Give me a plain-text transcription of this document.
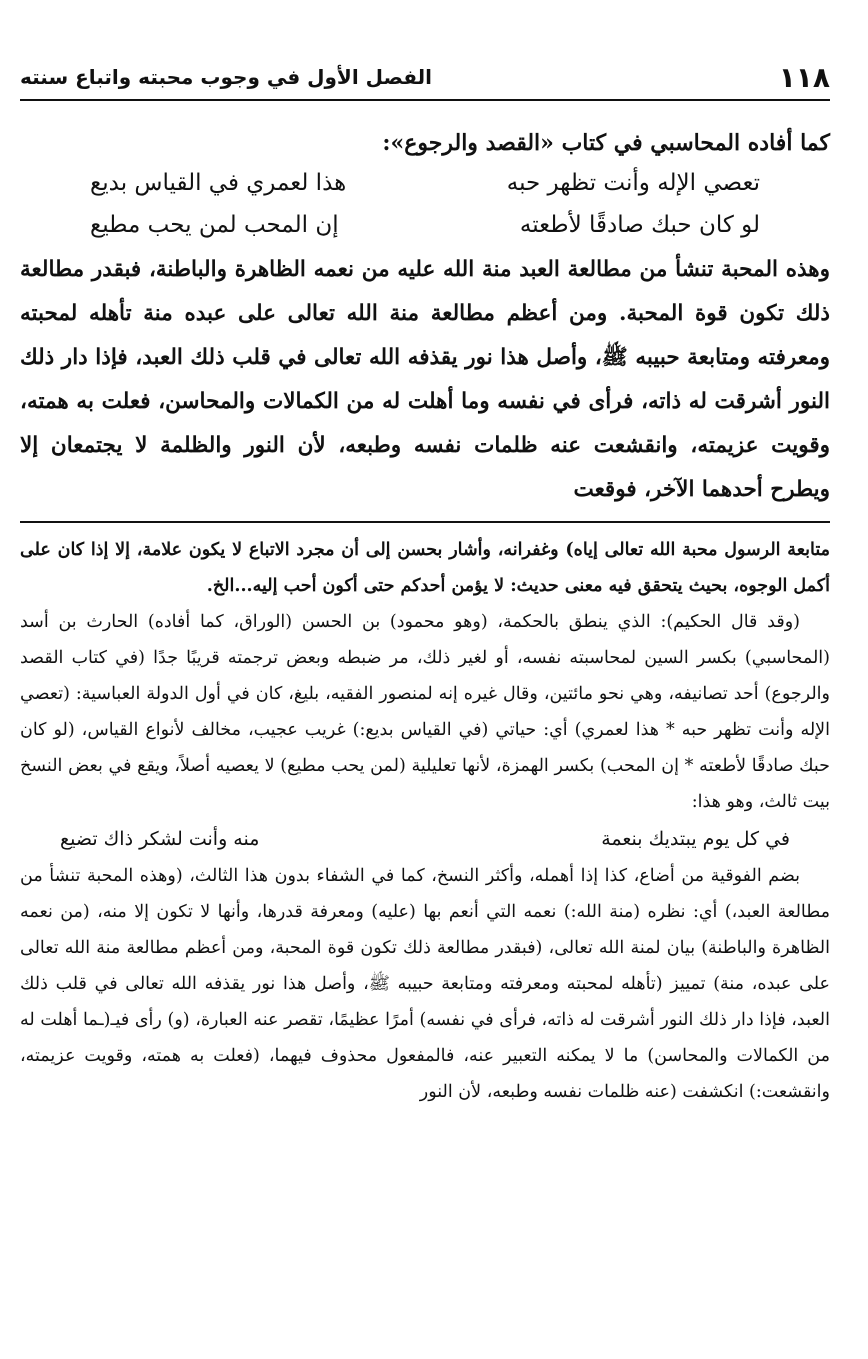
١١٨
الفصل الأول في وجوب محبته واتباع سنته

كما أفاده المحاسبي في كتاب «القصد والرجوع»:

تعصي الإله وأنت تظهر حبه
هذا لعمري في القياس بديع
لو كان حبك صادقًا لأطعته
إن المحب لمن يحب مطيع

وهذه المحبة تنشأ من مطالعة العبد منة الله عليه من نعمه الظاهرة والباطنة، فبقدر مطالعة ذلك تكون قوة المحبة. ومن أعظم مطالعة منة الله تعالى على عبده منة تأهله لمحبته ومعرفته ومتابعة حبيبه ﷺ، وأصل هذا نور يقذفه الله تعالى في قلب ذلك العبد، فإذا دار ذلك النور أشرقت له ذاته، فرأى في نفسه وما أهلت له من الكمالات والمحاسن، فعلت به همته، وقويت عزيمته، وانقشعت عنه ظلمات نفسه وطبعه، لأن النور والظلمة لا يجتمعان إلا ويطرح أحدهما الآخر، فوقعت

متابعة الرسول محبة الله تعالى إياه) وغفرانه، وأشار بحسن إلى أن مجرد الاتباع لا يكون علامة، إلا إذا كان على أكمل الوجوه، بحيث يتحقق فيه معنى حديث: لا يؤمن أحدكم حتى أكون أحب إليه...الخ.

(وقد قال الحكيم): الذي ينطق بالحكمة، (وهو محمود) بن الحسن (الوراق، كما أفاده) الحارث بن أسد (المحاسبي) بكسر السين لمحاسبته نفسه، أو لغير ذلك، مر ضبطه وبعض ترجمته قريبًا جدًا (في كتاب القصد والرجوع) أحد تصانيفه، وهي نحو مائتين، وقال غيره إنه لمنصور الفقيه، بليغ، كان في أول الدولة العباسية: (تعصي الإله وأنت تظهر حبه * هذا لعمري) أي: حياتي (في القياس بديع:) غريب عجيب، مخالف لأنواع القياس، (لو كان حبك صادقًا لأطعته * إن المحب) بكسر الهمزة، لأنها تعليلية (لمن يحب مطيع) لا يعصيه أصلاً، ويقع في بعض النسخ بيت ثالث، وهو هذا:

في كل يوم يبتديك بنعمة
منه وأنت لشكر ذاك تضيع

بضم الفوقية من أضاع، كذا إذا أهمله، وأكثر النسخ، كما في الشفاء بدون هذا الثالث، (وهذه المحبة تنشأ من مطالعة العبد،) أي: نظره (منة الله:) نعمه التي أنعم بها (عليه) ومعرفة قدرها، وأنها لا تكون إلا منه، (من نعمه الظاهرة والباطنة) بيان لمنة الله تعالى، (فبقدر مطالعة ذلك تكون قوة المحبة، ومن أعظم مطالعة منة الله تعالى على عبده، منة) تمييز (تأهله لمحبته ومعرفته ومتابعة حبيبه ﷺ، وأصل هذا نور يقذفه الله تعالى في قلب ذلك العبد، فإذا دار ذلك النور أشرقت له ذاته، فرأى في نفسه) أمرًا عظيمًا، تقصر عنه العبارة، (و) رأى فيـ(ـما أهلت له من الكمالات والمحاسن) ما لا يمكنه التعبير عنه، فالمفعول محذوف فيهما، (فعلت به همته، وقويت عزيمته، وانقشعت:) انكشفت (عنه ظلمات نفسه وطبعه، لأن النور
